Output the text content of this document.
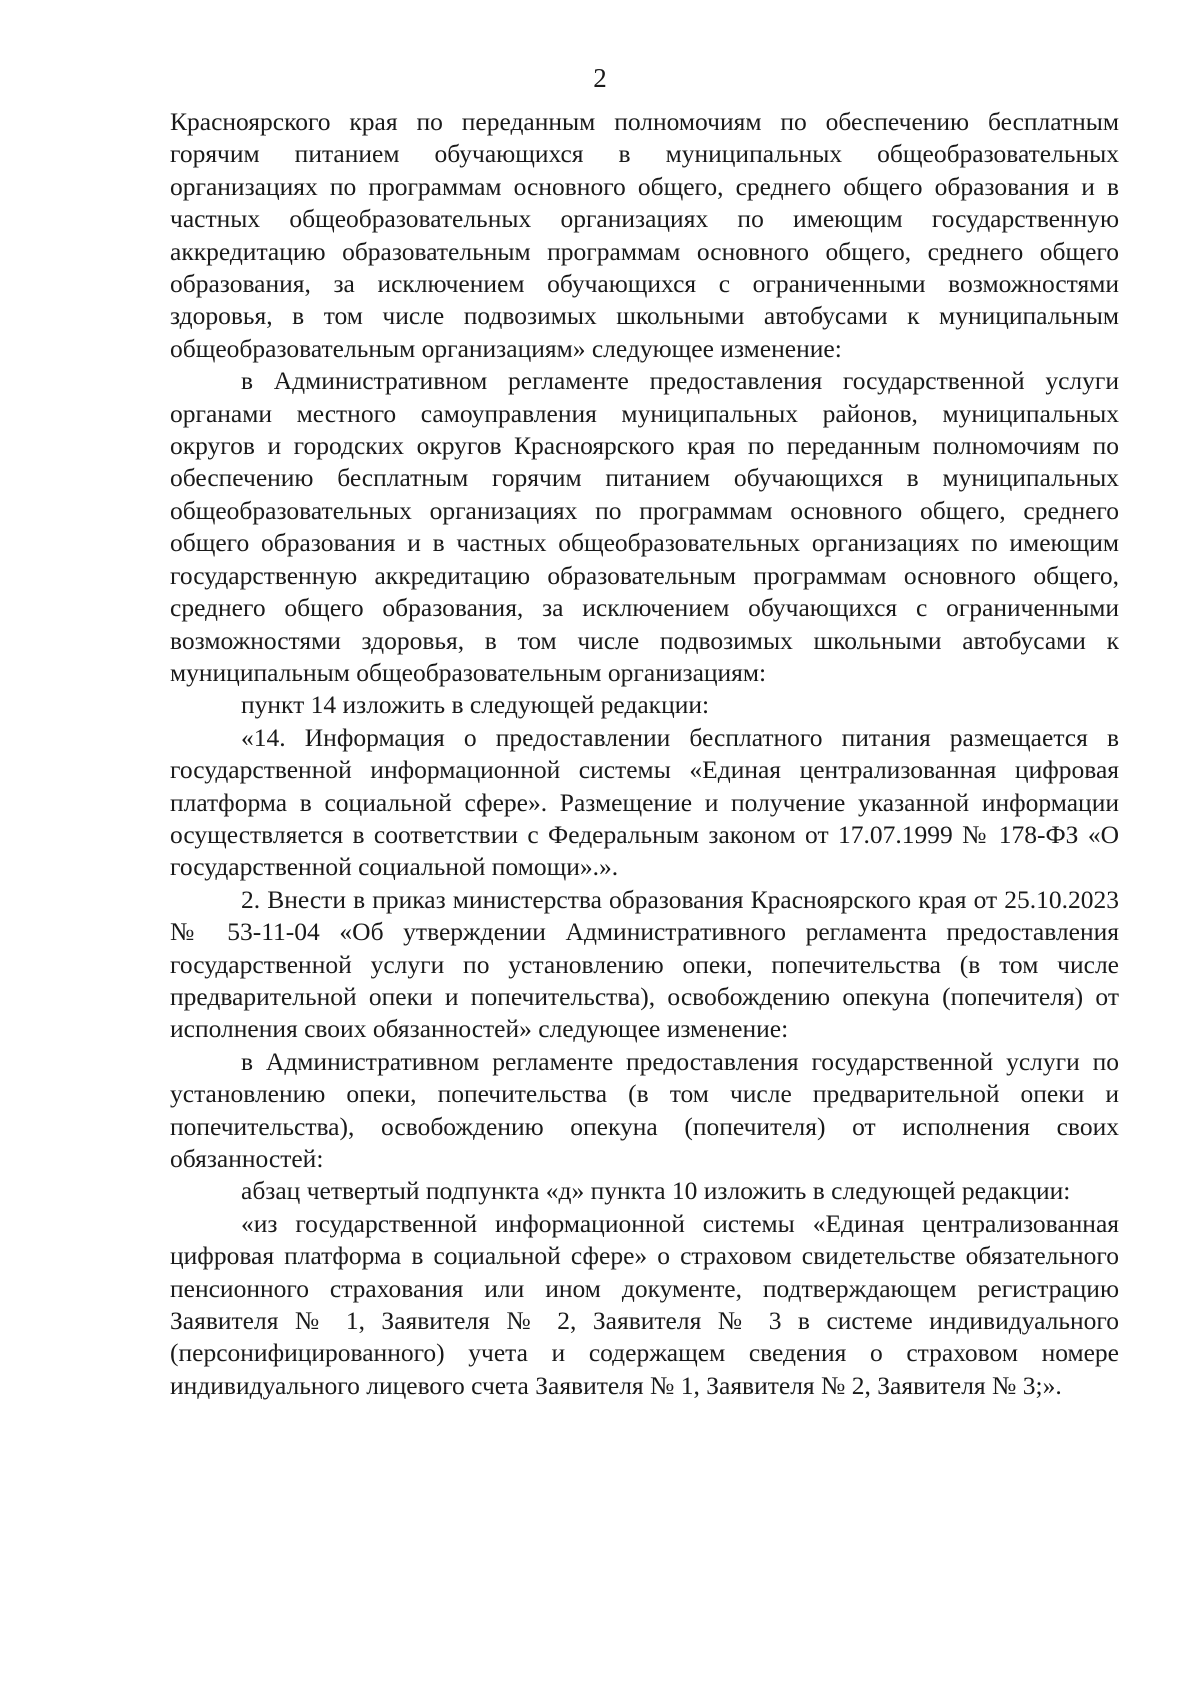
2

Красноярского края по переданным полномочиям по обеспечению бесплатным горячим питанием обучающихся в муниципальных общеобразовательных организациях по программам основного общего, среднего общего образования и в частных общеобразовательных организациях по имеющим государственную аккредитацию образовательным программам основного общего, среднего общего образования, за исключением обучающихся с ограниченными возможностями здоровья, в том числе подвозимых школьными автобусами к муниципальным общеобразовательным организациям» следующее изменение:

в Административном регламенте предоставления государственной услуги органами местного самоуправления муниципальных районов, муниципальных округов и городских округов Красноярского края по переданным полномочиям по обеспечению бесплатным горячим питанием обучающихся в муниципальных общеобразовательных организациях по программам основного общего, среднего общего образования и в частных общеобразовательных организациях по имеющим государственную аккредитацию образовательным программам основного общего, среднего общего образования, за исключением обучающихся с ограниченными возможностями здоровья, в том числе подвозимых школьными автобусами к муниципальным общеобразовательным организациям:

пункт 14 изложить в следующей редакции:

«14. Информация о предоставлении бесплатного питания размещается в государственной информационной системы «Единая централизованная цифровая платформа в социальной сфере». Размещение и получение указанной информации осуществляется в соответствии с Федеральным законом от 17.07.1999 № 178-ФЗ «О государственной социальной помощи».».

2. Внести в приказ министерства образования Красноярского края от 25.10.2023 № 53-11-04 «Об утверждении Административного регламента предоставления государственной услуги по установлению опеки, попечительства (в том числе предварительной опеки и попечительства), освобождению опекуна (попечителя) от исполнения своих обязанностей» следующее изменение:

в Административном регламенте предоставления государственной услуги по установлению опеки, попечительства (в том числе предварительной опеки и попечительства), освобождению опекуна (попечителя) от исполнения своих обязанностей:

абзац четвертый подпункта «д» пункта 10 изложить в следующей редакции:

«из государственной информационной системы «Единая централизованная цифровая платформа в социальной сфере» о страховом свидетельстве обязательного пенсионного страхования или ином документе, подтверждающем регистрацию Заявителя № 1, Заявителя № 2, Заявителя № 3 в системе индивидуального (персонифицированного) учета и содержащем сведения о страховом номере индивидуального лицевого счета Заявителя № 1, Заявителя № 2, Заявителя № 3;».
